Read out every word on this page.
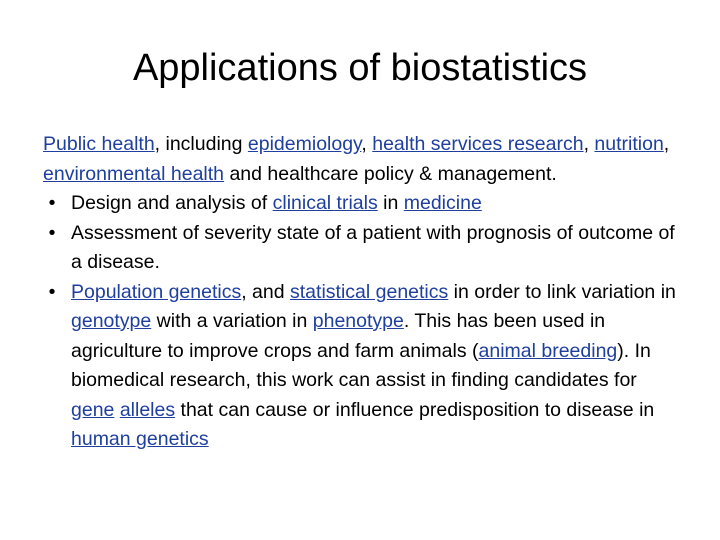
Applications of biostatistics

Public health, including epidemiology, health services research, nutrition, environmental health and healthcare policy & management.

• Design and analysis of clinical trials in medicine
• Assessment of severity state of a patient with prognosis of outcome of a disease.
• Population genetics, and statistical genetics in order to link variation in genotype with a variation in phenotype. This has been used in agriculture to improve crops and farm animals (animal breeding). In biomedical research, this work can assist in finding candidates for gene alleles that can cause or influence predisposition to disease in human genetics
